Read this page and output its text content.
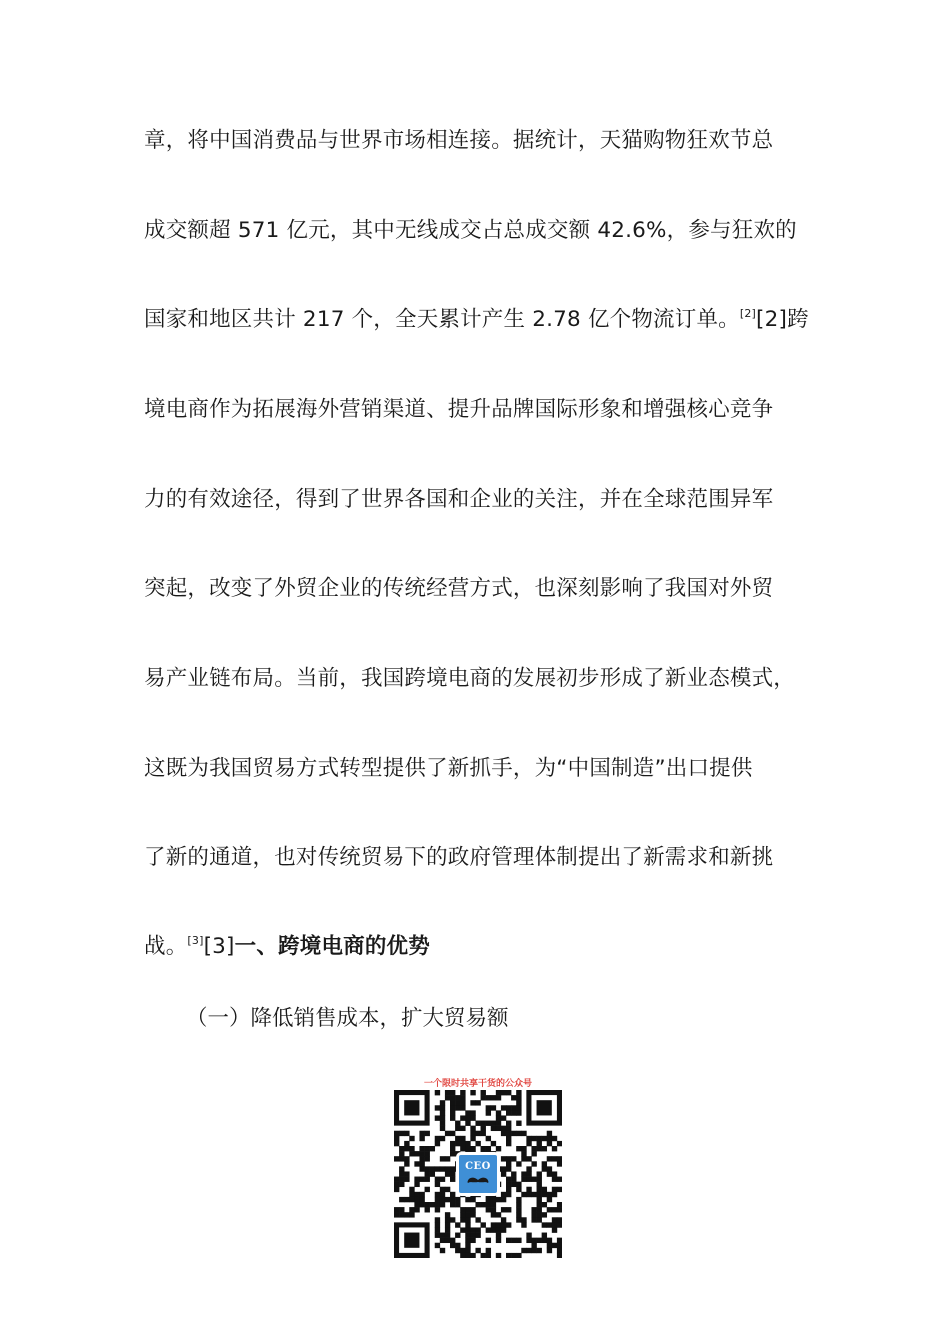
章，将中国消费品与世界市场相连接。据统计，天猫购物狂欢节总
成交额超 571 亿元，其中无线成交占总成交额 42.6%，参与狂欢的
国家和地区共计 217 个，全天累计产生 2.78 亿个物流订单。[2][2]跨
境电商作为拓展海外营销渠道、提升品牌国际形象和增强核心竞争
力的有效途径，得到了世界各国和企业的关注，并在全球范围异军
突起，改变了外贸企业的传统经营方式，也深刻影响了我国对外贸
易产业链布局。当前，我国跨境电商的发展初步形成了新业态模式，
这既为我国贸易方式转型提供了新抓手，为“中国制造”出口提供
了新的通道，也对传统贸易下的政府管理体制提出了新需求和新挑
战。[3][3]一、跨境电商的优势
（一）降低销售成本，扩大贸易额
一个限时共享干货的公众号
CEO
